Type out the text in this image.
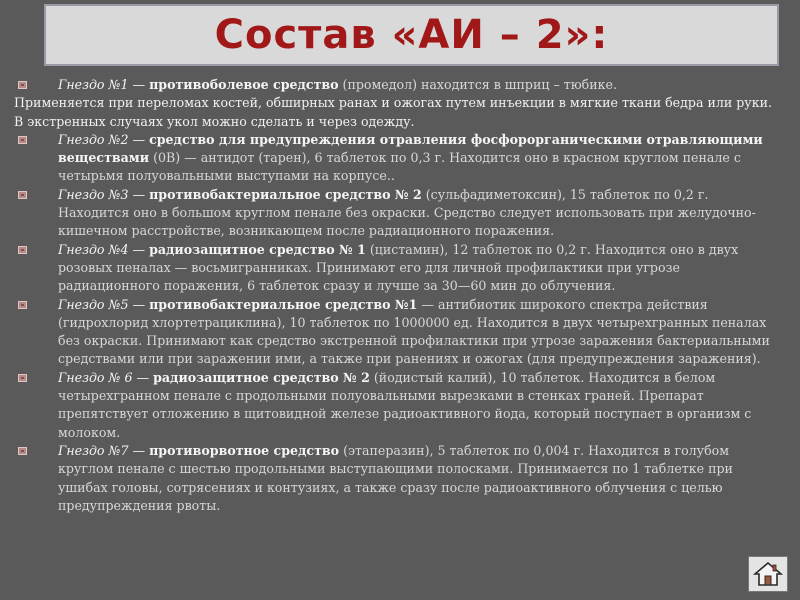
Состав «АИ – 2»:

Гнездо №1 — противоболевое средство (промедол) находится в шприц – тюбике.

Применяется при переломах костей, обширных ранах и ожогах путем инъекции в мягкие ткани бедра или руки. В экстренных случаях укол можно сделать и через одежду.

Гнездо №2 — средство для предупреждения отравления фосфорорганическими отравляющими веществами (0В) — антидот (тарен), 6 таблеток по 0,3 г. Находится оно в красном круглом пенале с четырьмя полуовальными выступами на корпусе..

Гнездо №3 — противобактериальное средство № 2 (сульфадиметоксин), 15 таблеток по 0,2 г. Находится оно в большом круглом пенале без окраски. Средство следует использовать при желудочно-кишечном расстройстве, возникающем после радиационного поражения.

Гнездо №4 — радиозащитное средство № 1 (цистамин), 12 таблеток по 0,2 г. Находится оно в двух розовых пеналах — восьмигранниках. Принимают его для личной профилактики при угрозе радиационного поражения, 6 таблеток сразу и лучше за 30—60 мин до облучения.

Гнездо №5 — противобактериальное средство №1 — антибиотик широкого спектра действия (гидрохлорид хлортетрациклина), 10 таблеток по 1000000 ед. Находится в двух четырехгранных пеналах без окраски. Принимают как средство экстренной профилактики при угрозе заражения бактериальными средствами или при заражении ими, а также при ранениях и ожогах (для предупреждения заражения).

Гнездо № 6 — радиозащитное средство № 2 (йодистый калий), 10 таблеток. Находится в белом четырехгранном пенале с продольными полуовальными вырезками в стенках граней. Препарат препятствует отложению в щитовидной железе радиоактивного йода, который поступает в организм с молоком.

Гнездо №7 — противорвотное средство (этаперазин), 5 таблеток по 0,004 г. Находится в голубом круглом пенале с шестью продольными выступающими полосками. Принимается по 1 таблетке при ушибах головы, сотрясениях и контузиях, а также сразу после радиоактивного облучения с целью предупреждения рвоты.
